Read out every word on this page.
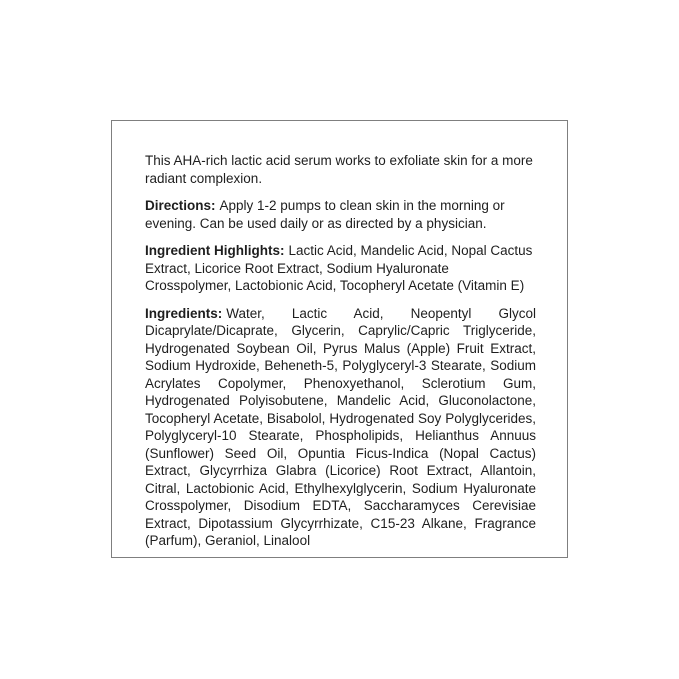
This AHA-rich lactic acid serum works to exfoliate skin for a more radiant complexion.

Directions: Apply 1-2 pumps to clean skin in the morning or evening. Can be used daily or as directed by a physician.

Ingredient Highlights: Lactic Acid, Mandelic Acid, Nopal Cactus Extract, Licorice Root Extract, Sodium Hyaluronate Crosspolymer, Lactobionic Acid, Tocopheryl Acetate (Vitamin E)

Ingredients: Water, Lactic Acid, Neopentyl Glycol Dicaprylate/Dicaprate, Glycerin, Caprylic/Capric Triglyceride, Hydrogenated Soybean Oil, Pyrus Malus (Apple) Fruit Extract, Sodium Hydroxide, Beheneth-5, Polyglyceryl-3 Stearate, Sodium Acrylates Copolymer, Phenoxyethanol, Sclerotium Gum, Hydrogenated Polyisobutene, Mandelic Acid, Gluconolactone, Tocopheryl Acetate, Bisabolol, Hydrogenated Soy Polyglycerides, Polyglyceryl-10 Stearate, Phospholipids, Helianthus Annuus (Sunflower) Seed Oil, Opuntia Ficus-Indica (Nopal Cactus) Extract, Glycyrrhiza Glabra (Licorice) Root Extract, Allantoin, Citral, Lactobionic Acid, Ethylhexylglycerin, Sodium Hyaluronate Crosspolymer, Disodium EDTA, Saccharamyces Cerevisiae Extract, Dipotassium Glycyrrhizate, C15-23 Alkane, Fragrance (Parfum), Geraniol, Linalool
